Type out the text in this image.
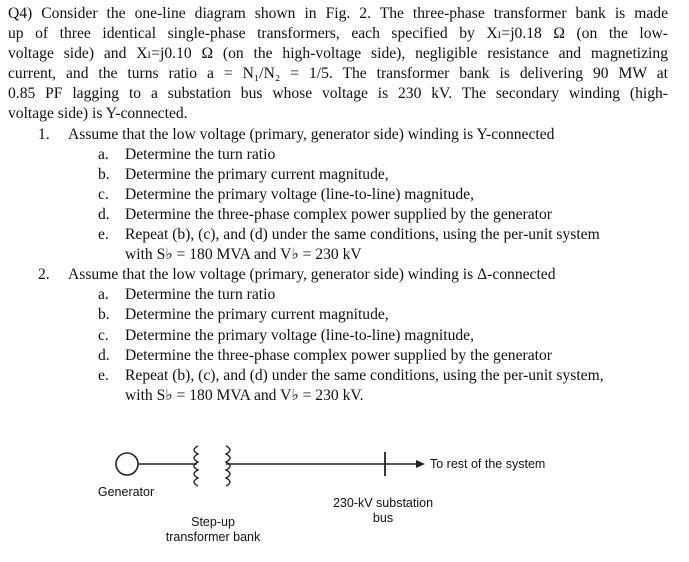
Q4) Consider the one-line diagram shown in Fig. 2. The three-phase transformer bank is made
up of three identical single-phase transformers, each specified by Xₗ=j0.18 Ω (on the low-
voltage side) and Xₗ=j0.10 Ω (on the high-voltage side), negligible resistance and magnetizing
current, and the turns ratio a = N₁/N₂ = 1/5. The transformer bank is delivering 90 MW at
0.85 PF lagging to a substation bus whose voltage is 230 kV. The secondary winding (high-
voltage side) is Y-connected.
1. Assume that the low voltage (primary, generator side) winding is Y-connected
a. Determine the turn ratio
b. Determine the primary current magnitude,
c. Determine the primary voltage (line-to-line) magnitude,
d. Determine the three-phase complex power supplied by the generator
e. Repeat (b), (c), and (d) under the same conditions, using the per-unit system
with S♭ = 180 MVA and V♭ = 230 kV
2. Assume that the low voltage (primary, generator side) winding is Δ-connected
a. Determine the turn ratio
b. Determine the primary current magnitude,
c. Determine the primary voltage (line-to-line) magnitude,
d. Determine the three-phase complex power supplied by the generator
e. Repeat (b), (c), and (d) under the same conditions, using the per-unit system,
with S♭ = 180 MVA and V♭ = 230 kV.
Generator
Step-up
transformer bank
230-kV substation
bus
To rest of the system
